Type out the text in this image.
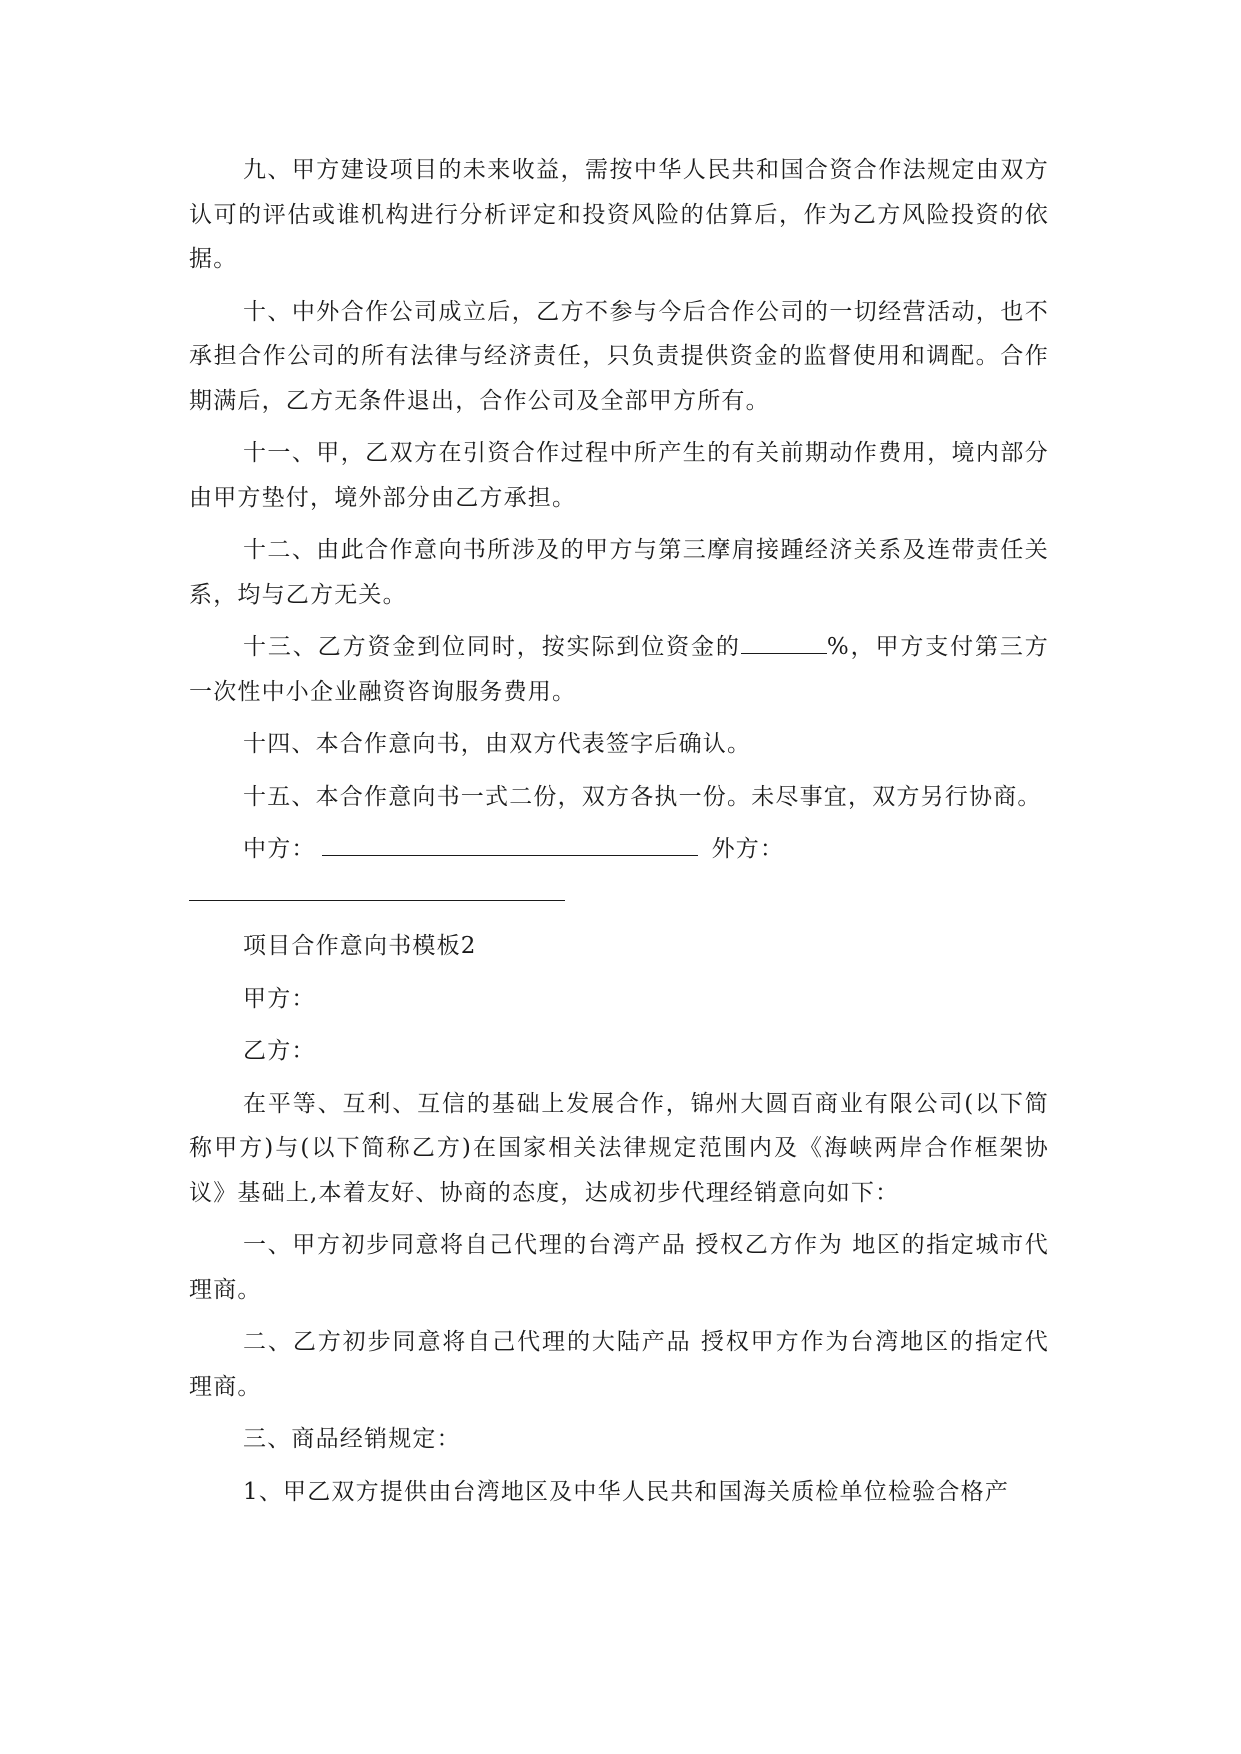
九、甲方建设项目的未来收益，需按中华人民共和国合资合作法规定由双方认可的评估或谁机构进行分析评定和投资风险的估算后，作为乙方风险投资的依据。

十、中外合作公司成立后，乙方不参与今后合作公司的一切经营活动，也不承担合作公司的所有法律与经济责任，只负责提供资金的监督使用和调配。合作期满后，乙方无条件退出，合作公司及全部甲方所有。

十一、甲，乙双方在引资合作过程中所产生的有关前期动作费用，境内部分由甲方垫付，境外部分由乙方承担。

十二、由此合作意向书所涉及的甲方与第三摩肩接踵经济关系及连带责任关系，均与乙方无关。

十三、乙方资金到位同时，按实际到位资金的	%，甲方支付第三方一次性中小企业融资咨询服务费用。

十四、本合作意向书，由双方代表签字后确认。

十五、本合作意向书一式二份，双方各执一份。未尽事宜，双方另行协商。

中方：	外方：

项目合作意向书模板2

甲方：

乙方：

在平等、互利、互信的基础上发展合作，锦州大圆百商业有限公司(以下简称甲方)与(以下简称乙方)在国家相关法律规定范围内及《海峡两岸合作框架协议》基础上,本着友好、协商的态度，达成初步代理经销意向如下：

一、甲方初步同意将自己代理的台湾产品 授权乙方作为 地区的指定城市代理商。

二、乙方初步同意将自己代理的大陆产品 授权甲方作为台湾地区的指定代理商。

三、商品经销规定：

1、甲乙双方提供由台湾地区及中华人民共和国海关质检单位检验合格产
